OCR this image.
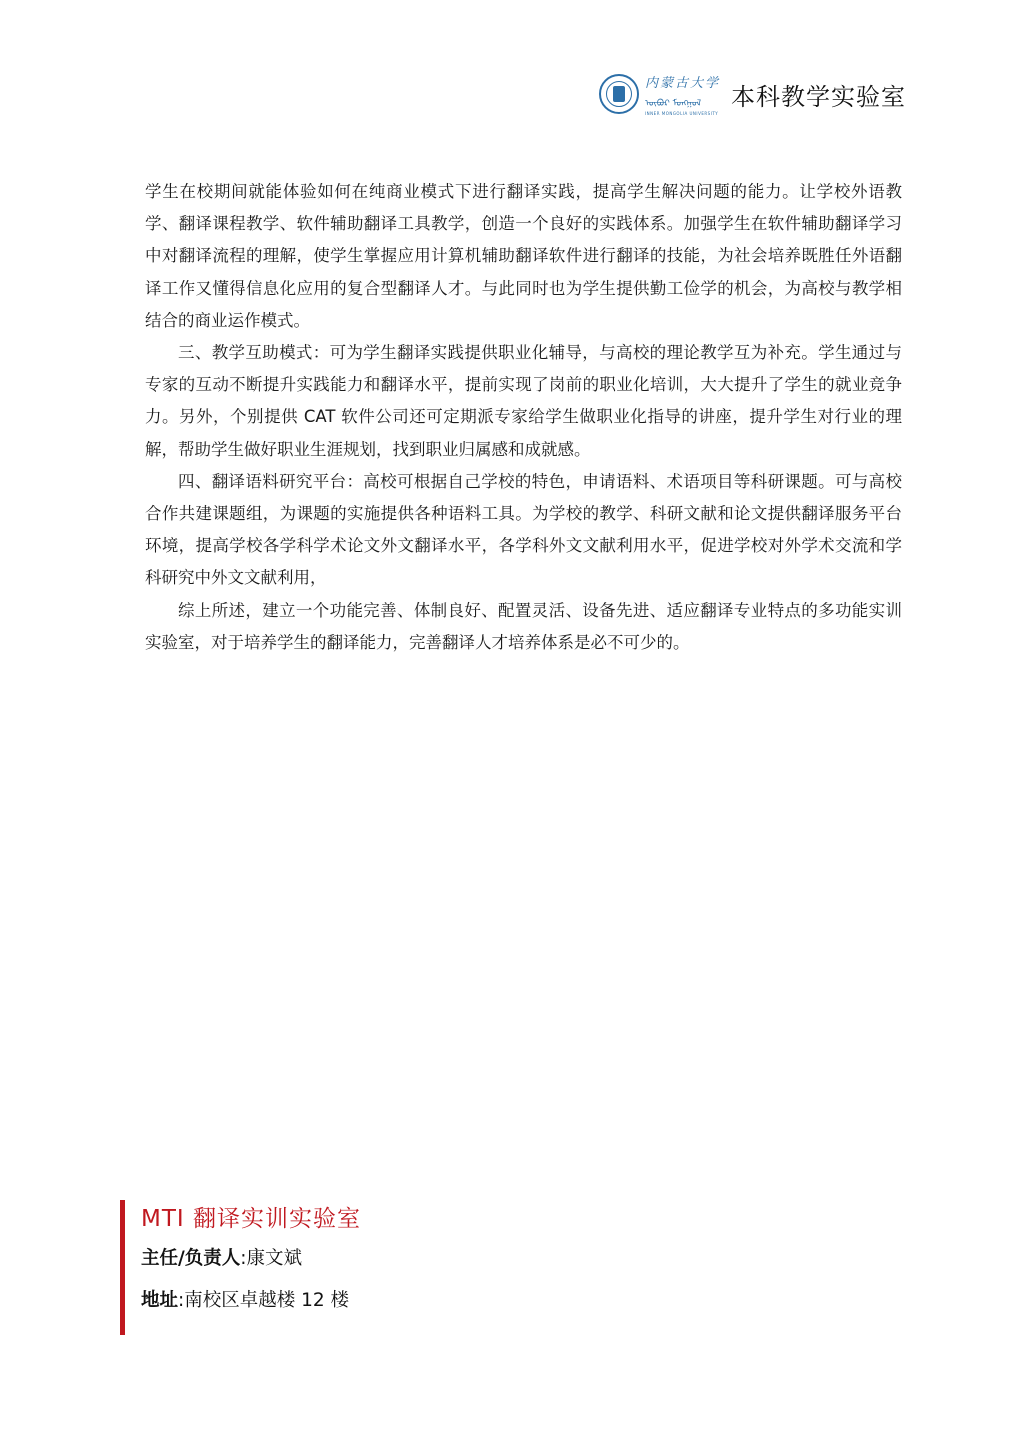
内蒙古大学
ᠦᠪᠦᠷ ᠮᠣᠩᠭᠣᠯ
INNER MONGOLIA UNIVERSITY
本科教学实验室

学生在校期间就能体验如何在纯商业模式下进行翻译实践，提高学生解决问题的能力。让学校外语教学、翻译课程教学、软件辅助翻译工具教学，创造一个良好的实践体系。加强学生在软件辅助翻译学习中对翻译流程的理解，使学生掌握应用计算机辅助翻译软件进行翻译的技能，为社会培养既胜任外语翻译工作又懂得信息化应用的复合型翻译人才。与此同时也为学生提供勤工俭学的机会，为高校与教学相结合的商业运作模式。

三、教学互助模式：可为学生翻译实践提供职业化辅导，与高校的理论教学互为补充。学生通过与专家的互动不断提升实践能力和翻译水平，提前实现了岗前的职业化培训，大大提升了学生的就业竞争力。另外，个别提供 CAT 软件公司还可定期派专家给学生做职业化指导的讲座，提升学生对行业的理解，帮助学生做好职业生涯规划，找到职业归属感和成就感。

四、翻译语料研究平台：高校可根据自己学校的特色，申请语料、术语项目等科研课题。可与高校合作共建课题组，为课题的实施提供各种语料工具。为学校的教学、科研文献和论文提供翻译服务平台环境，提高学校各学科学术论文外文翻译水平，各学科外文文献利用水平，促进学校对外学术交流和学科研究中外文文献利用，

综上所述，建立一个功能完善、体制良好、配置灵活、设备先进、适应翻译专业特点的多功能实训实验室，对于培养学生的翻译能力，完善翻译人才培养体系是必不可少的。

MTI 翻译实训实验室
主任/负责人:康文斌
地址:南校区卓越楼 12 楼
